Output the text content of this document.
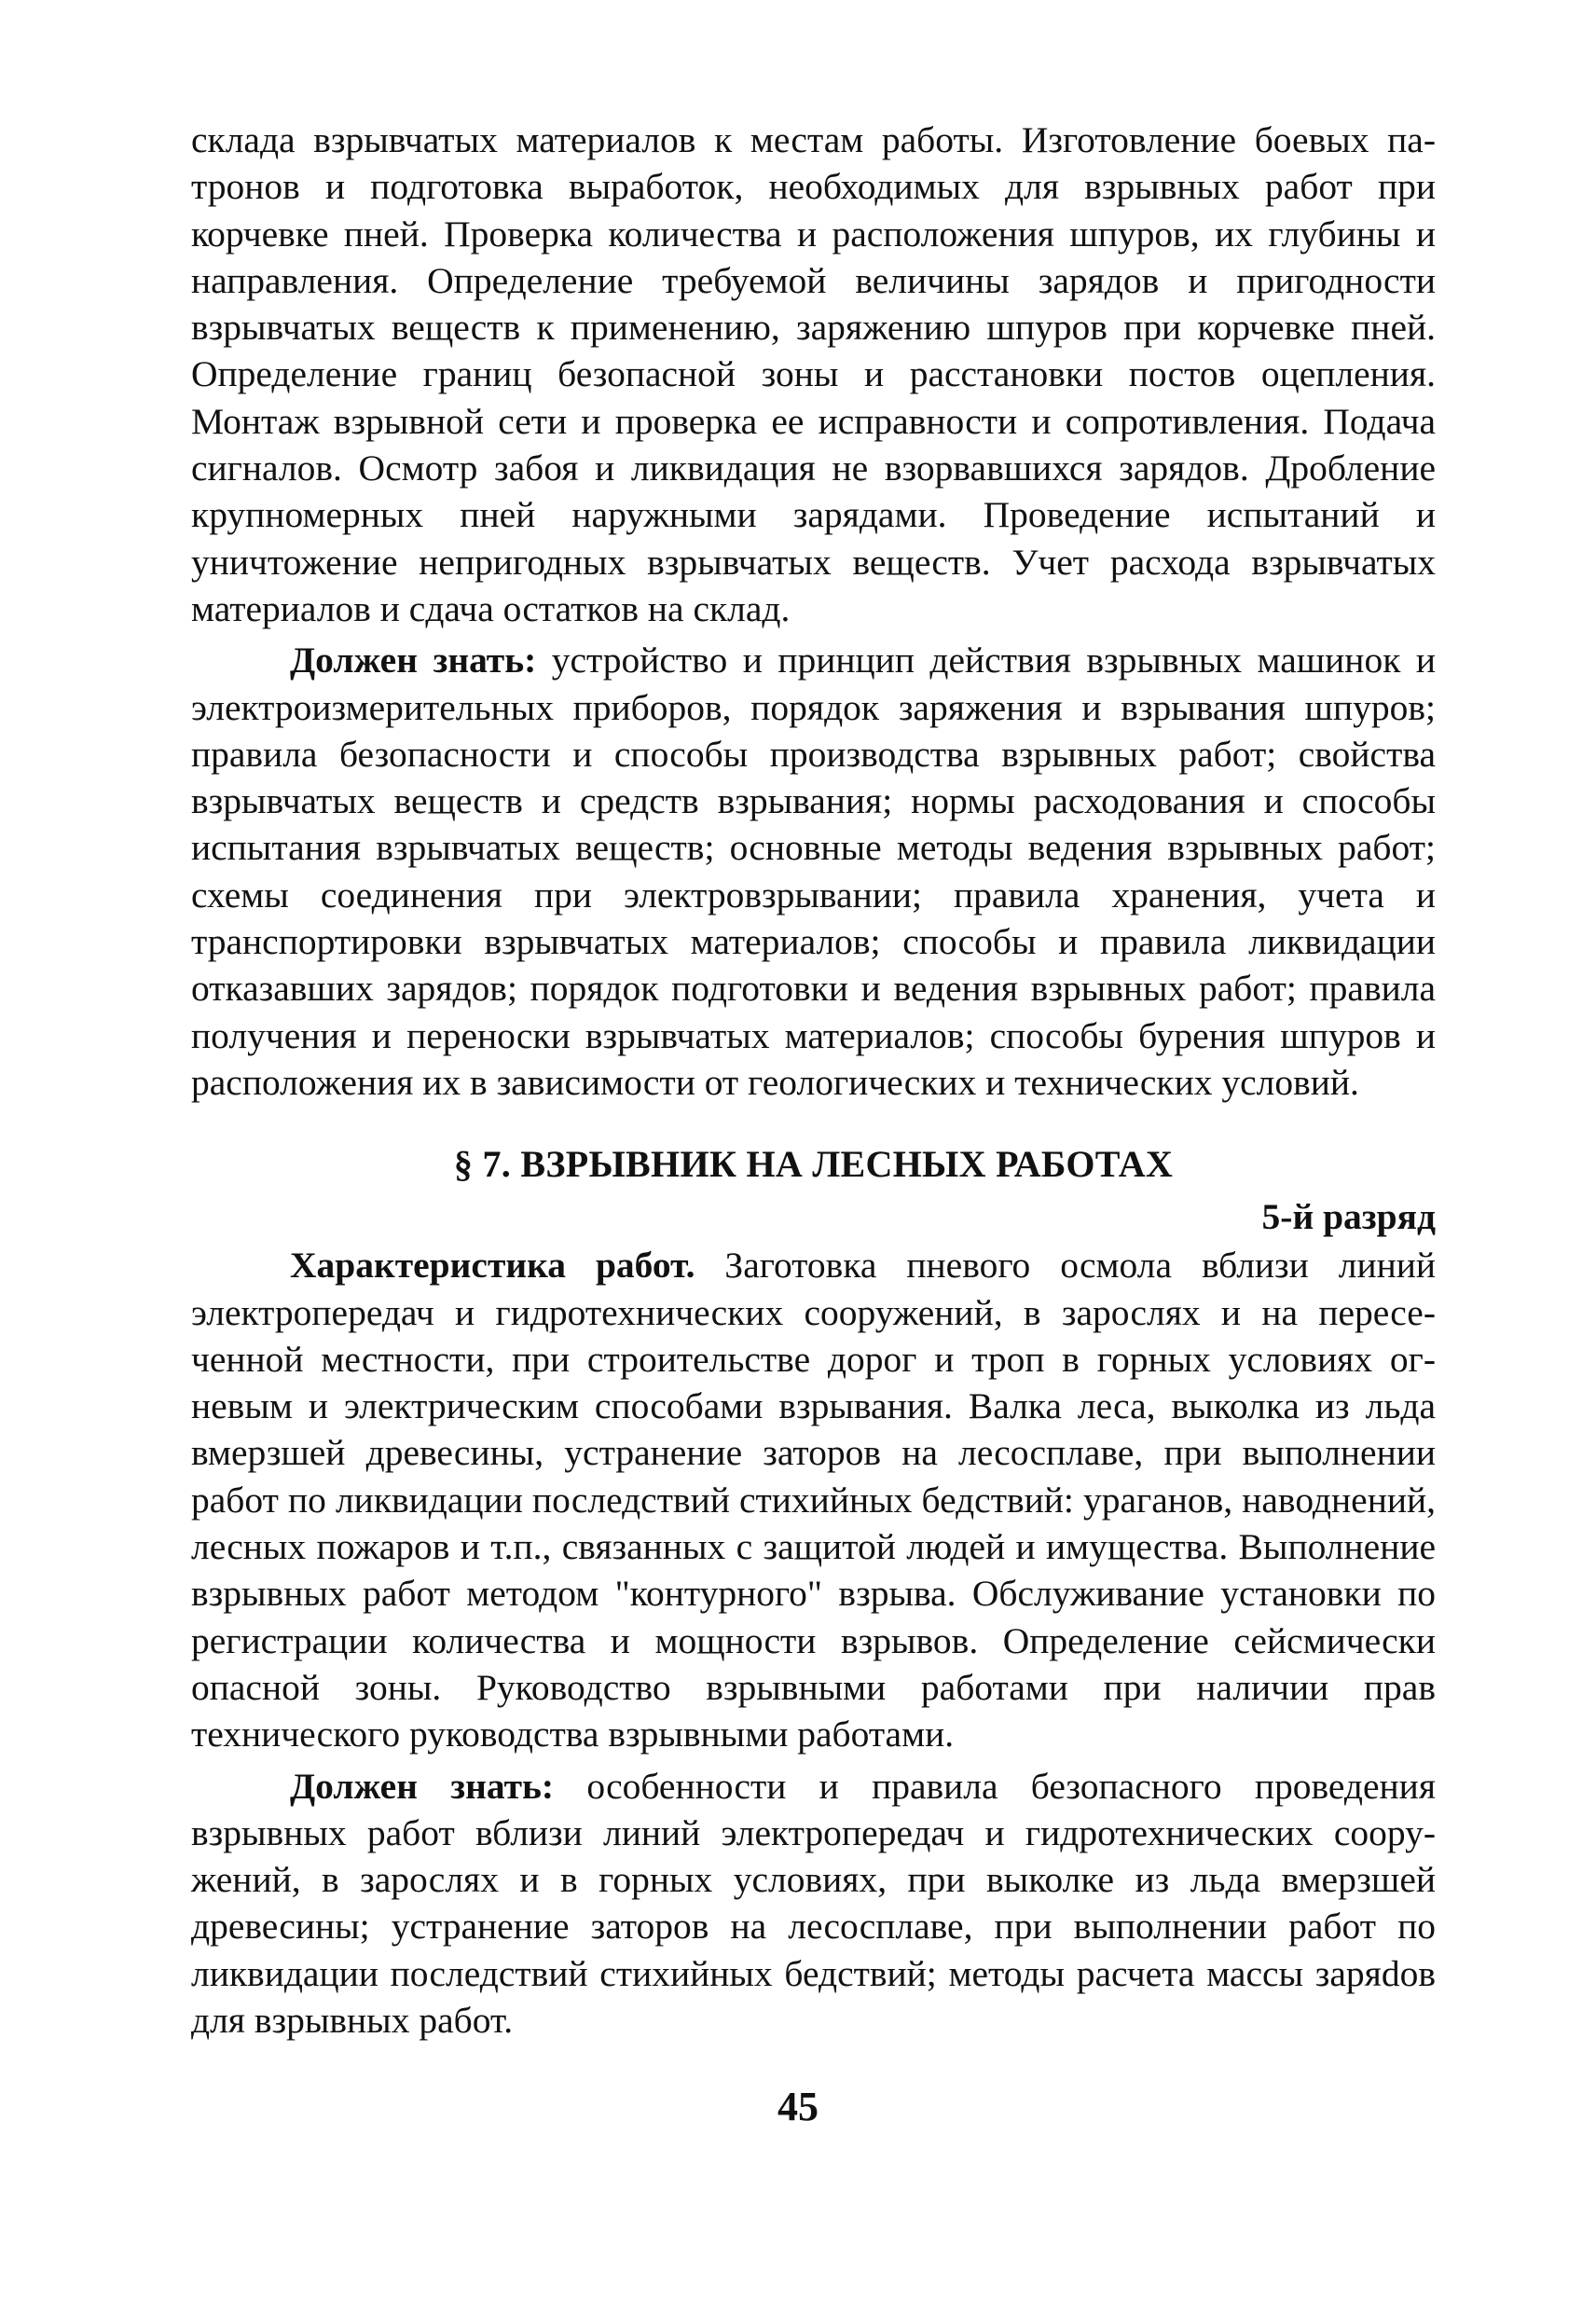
склада взрывчатых материалов к местам работы. Изготовление боевых патронов и подготовка выработок, необходимых для взрывных работ при корчевке пней. Проверка количества и расположения шпуров, их глубины и направления. Определение требуемой величины зарядов и пригодности взрывчатых веществ к применению, заряжению шпуров при корчевке пней. Определение границ безопасной зоны и расстановки постов оцепления. Монтаж взрывной сети и проверка ее исправности и сопротивления. Подача сигналов. Осмотр забоя и ликвидация не взорвавшихся зарядов. Дробление крупномерных пней наружными зарядами. Проведение испытаний и уничтожение непригодных взрывчатых веществ. Учет расхода взрывчатых материалов и сдача остатков на склад.

Должен знать: устройство и принцип действия взрывных машинок и электроизмерительных приборов, порядок заряжения и взрывания шпуров; правила безопасности и способы производства взрывных работ; свойства взрывчатых веществ и средств взрывания; нормы расходования и способы испытания взрывчатых веществ; основные методы ведения взрывных работ; схемы соединения при электровзрывании; правила хранения, учета и транспортировки взрывчатых материалов; способы и правила ликвидации отказавших зарядов; порядок подготовки и ведения взрывных работ; правила получения и переноски взрывчатых материалов; способы бурения шпуров и расположения их в зависимости от геологических и технических условий.

§ 7. ВЗРЫВНИК НА ЛЕСНЫХ РАБОТАХ
5-й разряд

Характеристика работ. Заготовка пневого осмола вблизи линий электропередач и гидротехнических сооружений, в зарослях и на пересеченной местности, при строительстве дорог и троп в горных условиях огневым и электрическим способами взрывания. Валка леса, выколка из льда вмерзшей древесины, устранение заторов на лесосплаве, при выполнении работ по ликвидации последствий стихийных бедствий: ураганов, наводнений, лесных пожаров и т.п., связанных с защитой людей и имущества. Выполнение взрывных работ методом "контурного" взрыва. Обслуживание установки по регистрации количества и мощности взрывов. Определение сейсмически опасной зоны. Руководство взрывными работами при наличии прав технического руководства взрывными работами.

Должен знать: особенности и правила безопасного проведения взрывных работ вблизи линий электропередач и гидротехнических сооружений, в зарослях и в горных условиях, при выколке из льда вмерзшей древесины; устранение заторов на лесосплаве, при выполнении работ по ликвидации последствий стихийных бедствий; методы расчета массы заряdов для взрывных работ.

45
